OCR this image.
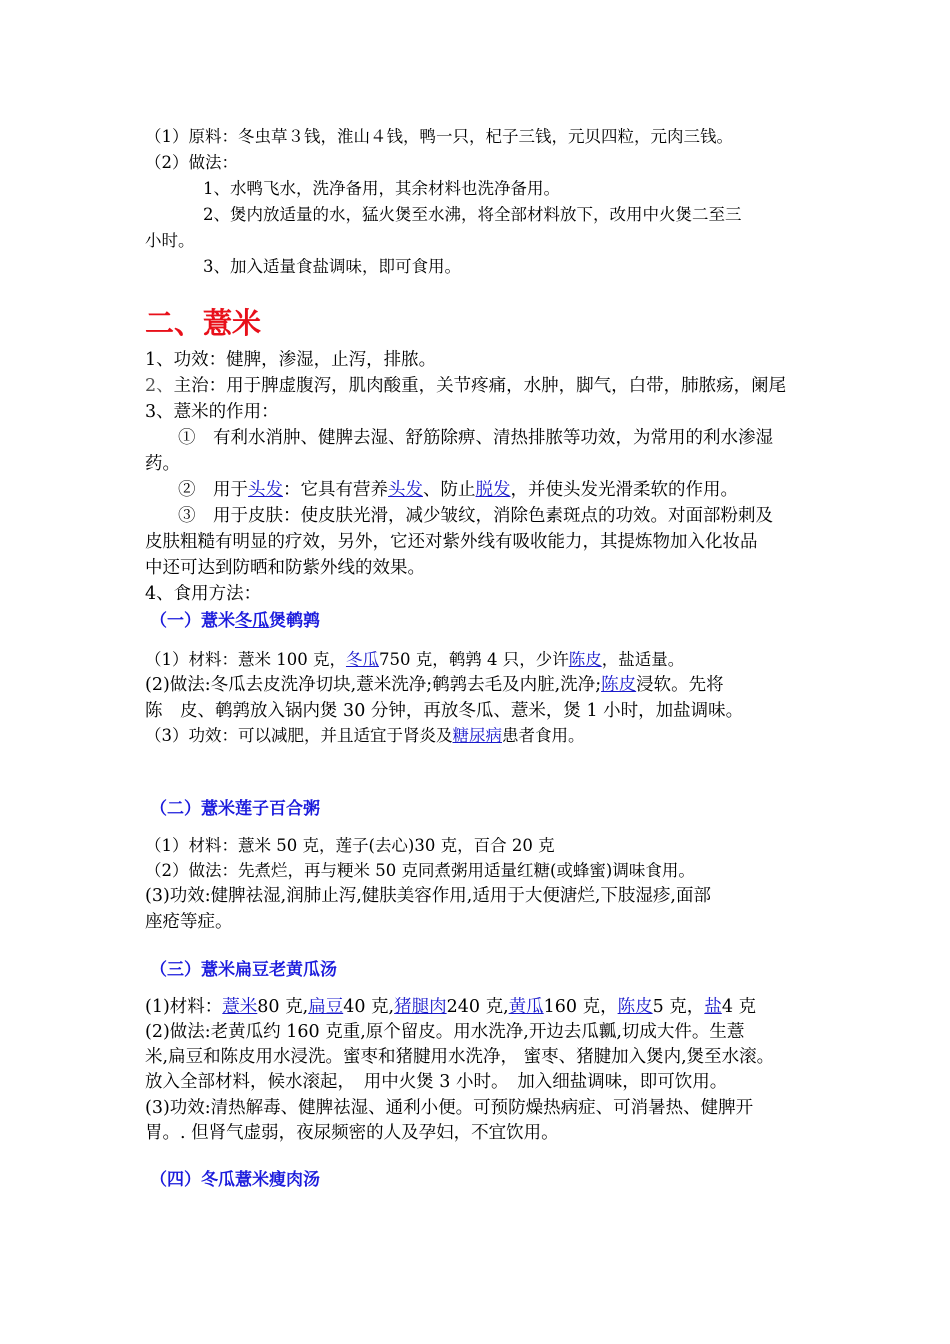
（1）原料：冬虫草３钱，淮山４钱，鸭一只，杞子三钱，元贝四粒，元肉三钱。
（2）做法：
1、水鸭飞水，洗净备用，其余材料也洗净备用。
2、煲内放适量的水，猛火煲至水沸，将全部材料放下，改用中火煲二至三
小时。
3、加入适量食盐调味，即可食用。
二、薏米
1、功效：健脾，渗湿，止泻，排脓。
2、主治：用于脾虚腹泻，肌肉酸重，关节疼痛，水肿，脚气，白带，肺脓疡，阑尾
3、薏米的作用：
①　有利水消肿、健脾去湿、舒筋除痹、清热排脓等功效，为常用的利水渗湿
药。
②　用于头发：它具有营养头发、防止脱发，并使头发光滑柔软的作用。
③　用于皮肤：使皮肤光滑，减少皱纹，消除色素斑点的功效。对面部粉刺及
皮肤粗糙有明显的疗效，另外，它还对紫外线有吸收能力，其提炼物加入化妆品
中还可达到防晒和防紫外线的效果。
4、食用方法：
（一）薏米冬瓜煲鹌鹑
（1）材料：薏米 100 克，冬瓜750 克，鹌鹑 4 只，少许陈皮，盐适量。
(2)做法:冬瓜去皮洗净切块,薏米洗净;鹌鹑去毛及内脏,洗净;陈皮浸软。先将
陈　皮、鹌鹑放入锅内煲 30 分钟，再放冬瓜、薏米，煲 1 小时，加盐调味。
（3）功效：可以减肥，并且适宜于肾炎及糖尿病患者食用。
（二）薏米莲子百合粥
（1）材料：薏米 50 克，莲子(去心)30 克，百合 20 克
（2）做法：先煮烂，再与粳米 50 克同煮粥用适量红糖(或蜂蜜)调味食用。
(3)功效:健脾祛湿,润肺止泻,健肤美容作用,适用于大便溏烂,下肢湿疹,面部
座疮等症。
（三）薏米扁豆老黄瓜汤
(1)材料：薏米80 克,扁豆40 克,猪腿肉240 克,黄瓜160 克，陈皮5 克，盐4 克
(2)做法:老黄瓜约 160 克重,原个留皮。用水洗净,开边去瓜瓤,切成大件。生薏
米,扁豆和陈皮用水浸洗。蜜枣和猪腱用水洗净， 蜜枣、猪腱加入煲内,煲至水滚。
放入全部材料，候水滚起，　用中火煲 3 小时。　加入细盐调味，即可饮用。
(3)功效:清热解毒、健脾祛湿、通利小便。可预防燥热病症、可消暑热、健脾开
胃。. 但肾气虚弱，夜尿频密的人及孕妇，不宜饮用。
（四）冬瓜薏米瘦肉汤
